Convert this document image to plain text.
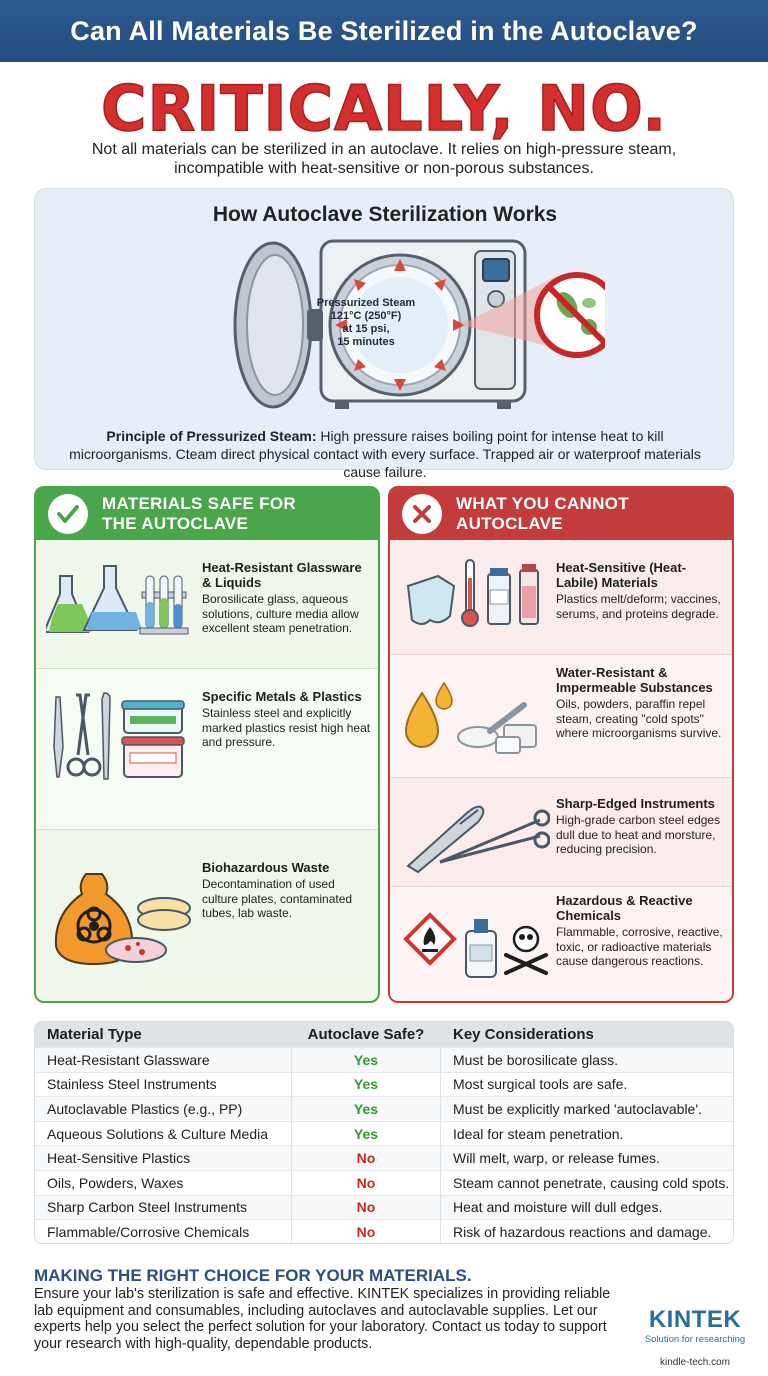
Can All Materials Be Sterilized in the Autoclave?
CRITICALLY, NO.
Not all materials can be sterilized in an autoclave. It relies on high-pressure steam, incompatible with heat-sensitive or non-porous substances.
How Autoclave Sterilization Works
Pressurized Steam
121°C (250°F)
at 15 psi,
15 minutes
Principle of Pressurized Steam: High pressure raises boiling point for intense heat to kill microorganisms. Cteam direct physical contact with every surface. Trapped air or waterproof materials cause failure.
MATERIALS SAFE FOR THE AUTOCLAVE
Heat-Resistant Glassware & Liquids
Borosilicate glass, aqueous solutions, culture media allow excellent steam penetration.
Specific Metals & Plastics
Stainless steel and explicitly marked plastics resist high heat and pressure.
Biohazardous Waste
Decontamination of used culture plates, contaminated tubes, lab waste.
WHAT YOU CANNOT AUTOCLAVE
Heat-Sensitive (Heat-Labile) Materials
Plastics melt/deform; vaccines, serums, and proteins degrade.
Water-Resistant & Impermeable Substances
Oils, powders, paraffin repel steam, creating "cold spots" where microorganisms survive.
Sharp-Edged Instruments
High-grade carbon steel edges dull due to heat and morsture, reducing precision.
Hazardous & Reactive Chemicals
Flammable, corrosive, reactive, toxic, or radioactive materials cause dangerous reactions.
Material Type	Autoclave Safe?	Key Considerations
Heat-Resistant Glassware	Yes	Must be borosilicate glass.
Stainless Steel Instruments	Yes	Most surgical tools are safe.
Autoclavable Plastics (e.g., PP)	Yes	Must be explicitly marked 'autoclavable'.
Aqueous Solutions & Culture Media	Yes	Ideal for steam penetration.
Heat-Sensitive Plastics	No	Will melt, warp, or release fumes.
Oils, Powders, Waxes	No	Steam cannot penetrate, causing cold spots.
Sharp Carbon Steel Instruments	No	Heat and moisture will dull edges.
Flammable/Corrosive Chemicals	No	Risk of hazardous reactions and damage.
MAKING THE RIGHT CHOICE FOR YOUR MATERIALS.
Ensure your lab's sterilization is safe and effective. KINTEK specializes in providing reliable lab equipment and consumables, including autoclaves and autoclavable supplies. Let our experts help you select the perfect solution for your laboratory. Contact us today to support your research with high-quality, dependable products.
KINTEK
Solution for researching
kindle-tech.com
